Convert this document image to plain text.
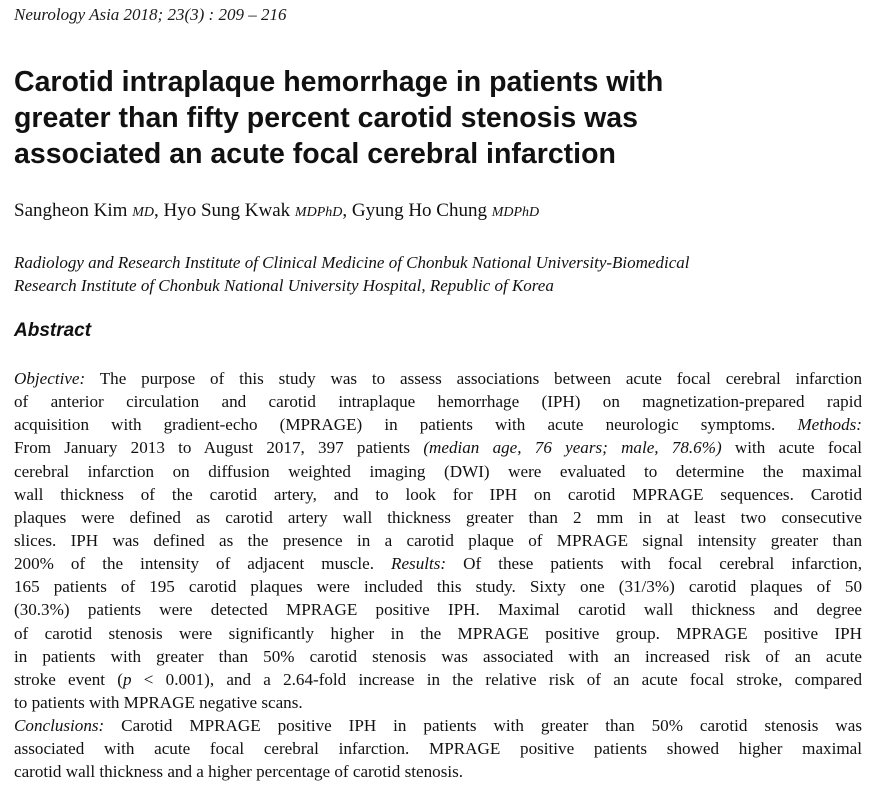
Neurology Asia 2018; 23(3) : 209 – 216
Carotid intraplaque hemorrhage in patients with
greater than fifty percent carotid stenosis was
associated an acute focal cerebral infarction
Sangheon Kim MD, Hyo Sung Kwak MDPhD, Gyung Ho Chung MDPhD
Radiology and Research Institute of Clinical Medicine of Chonbuk National University-Biomedical
Research Institute of Chonbuk National University Hospital, Republic of Korea
Abstract
Objective: The purpose of this study was to assess associations between acute focal cerebral infarction
of anterior circulation and carotid intraplaque hemorrhage (IPH) on magnetization-prepared rapid
acquisition with gradient-echo (MPRAGE) in patients with acute neurologic symptoms. Methods:
From January 2013 to August 2017, 397 patients (median age, 76 years; male, 78.6%) with acute focal
cerebral infarction on diffusion weighted imaging (DWI) were evaluated to determine the maximal
wall thickness of the carotid artery, and to look for IPH on carotid MPRAGE sequences. Carotid
plaques were defined as carotid artery wall thickness greater than 2 mm in at least two consecutive
slices. IPH was defined as the presence in a carotid plaque of MPRAGE signal intensity greater than
200% of the intensity of adjacent muscle. Results: Of these patients with focal cerebral infarction,
165 patients of 195 carotid plaques were included this study. Sixty one (31/3%) carotid plaques of 50
(30.3%) patients were detected MPRAGE positive IPH. Maximal carotid wall thickness and degree
of carotid stenosis were significantly higher in the MPRAGE positive group. MPRAGE positive IPH
in patients with greater than 50% carotid stenosis was associated with an increased risk of an acute
stroke event (p < 0.001), and a 2.64-fold increase in the relative risk of an acute focal stroke, compared
to patients with MPRAGE negative scans.
Conclusions: Carotid MPRAGE positive IPH in patients with greater than 50% carotid stenosis was
associated with acute focal cerebral infarction. MPRAGE positive patients showed higher maximal
carotid wall thickness and a higher percentage of carotid stenosis.
